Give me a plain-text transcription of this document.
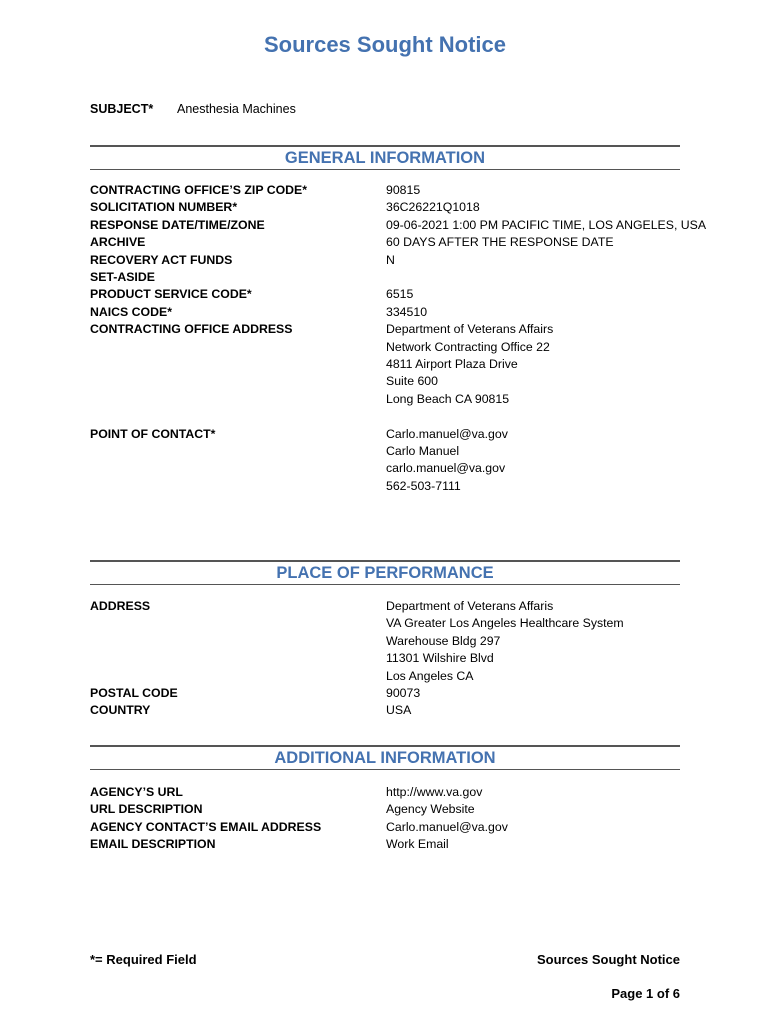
Sources Sought Notice
SUBJECT* Anesthesia Machines
GENERAL INFORMATION
CONTRACTING OFFICE’S ZIP CODE*	90815
SOLICITATION NUMBER*	36C26221Q1018
RESPONSE DATE/TIME/ZONE	09-06-2021 1:00 PM PACIFIC TIME, LOS ANGELES, USA
ARCHIVE	60 DAYS AFTER THE RESPONSE DATE
RECOVERY ACT FUNDS	N
SET-ASIDE
PRODUCT SERVICE CODE*	6515
NAICS CODE*	334510
CONTRACTING OFFICE ADDRESS	Department of Veterans Affairs
Network Contracting Office 22
4811 Airport Plaza Drive
Suite 600
Long Beach CA 90815
POINT OF CONTACT*	Carlo.manuel@va.gov
Carlo Manuel
carlo.manuel@va.gov
562-503-7111
PLACE OF PERFORMANCE
ADDRESS	Department of Veterans Affaris
VA Greater Los Angeles Healthcare System
Warehouse Bldg 297
11301 Wilshire Blvd
Los Angeles CA
POSTAL CODE	90073
COUNTRY	USA
ADDITIONAL INFORMATION
AGENCY’S URL	http://www.va.gov
URL DESCRIPTION	Agency Website
AGENCY CONTACT’S EMAIL ADDRESS	Carlo.manuel@va.gov
EMAIL DESCRIPTION	Work Email
*= Required Field	Sources Sought Notice
Page 1 of 6
